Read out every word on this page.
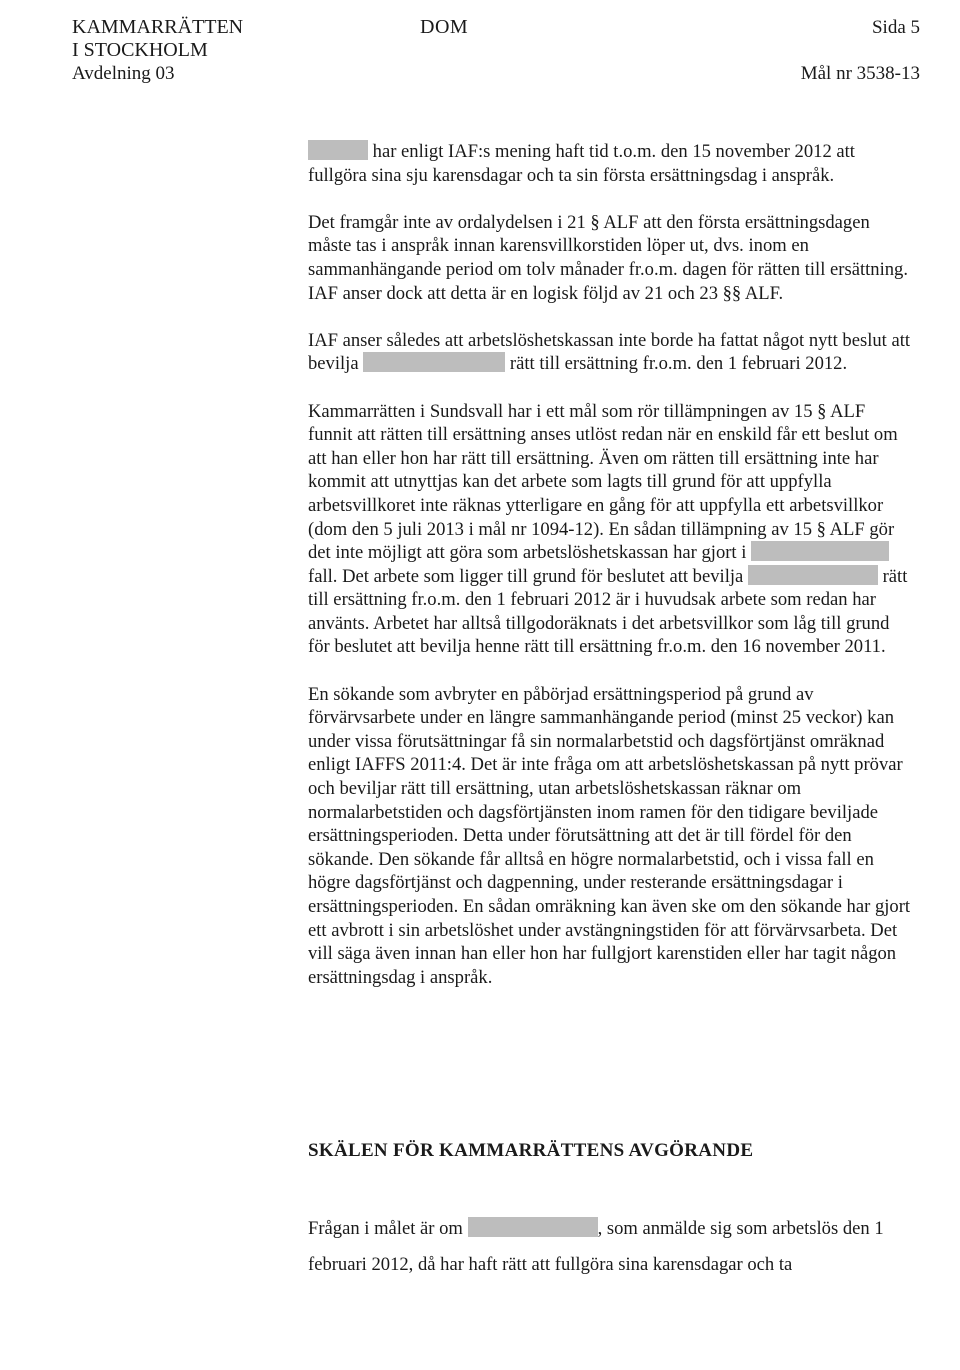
KAMMARRÄTTEN
I STOCKHOLM
Avdelning 03
DOM	Sida 5
Mål nr 3538-13

har enligt IAF:s mening haft tid t.o.m. den 15 november 2012 att fullgöra sina sju karensdagar och ta sin första ersättningsdag i anspråk.

Det framgår inte av ordalydelsen i 21 § ALF att den första ersättningsdagen måste tas i anspråk innan karensvillkorstiden löper ut, dvs. inom en sammanhängande period om tolv månader fr.o.m. dagen för rätten till ersättning. IAF anser dock att detta är en logisk följd av 21 och 23 §§ ALF.

IAF anser således att arbetslöshetskassan inte borde ha fattat något nytt beslut att bevilja	rätt till ersättning fr.o.m. den 1 februari 2012.

Kammarrätten i Sundsvall har i ett mål som rör tillämpningen av 15 § ALF funnit att rätten till ersättning anses utlöst redan när en enskild får ett beslut om att han eller hon har rätt till ersättning. Även om rätten till ersättning inte har kommit att utnyttjas kan det arbete som lagts till grund för att uppfylla arbetsvillkoret inte räknas ytterligare en gång för att uppfylla ett arbetsvillkor (dom den 5 juli 2013 i mål nr 1094-12). En sådan tillämpning av 15 § ALF gör det inte möjligt att göra som arbetslöshetskassan har gjort i  fall. Det arbete som ligger till grund för beslutet att bevilja	rätt till ersättning fr.o.m. den 1 februari 2012 är i huvudsak arbete som redan har använts. Arbetet har alltså tillgodoräknats i det arbetsvillkor som låg till grund för beslutet att bevilja henne rätt till ersättning fr.o.m. den 16 november 2011.

En sökande som avbryter en påbörjad ersättningsperiod på grund av förvärvsarbete under en längre sammanhängande period (minst 25 veckor) kan under vissa förutsättningar få sin normalarbetstid och dagsförtjänst omräknad enligt IAFFS 2011:4. Det är inte fråga om att arbetslöshetskassan på nytt prövar och beviljar rätt till ersättning, utan arbetslöshetskassan räknar om normalarbetstiden och dagsförtjänsten inom ramen för den tidigare beviljade ersättningsperioden. Detta under förutsättning att det är till fördel för den sökande. Den sökande får alltså en högre normalarbetstid, och i vissa fall en högre dagsförtjänst och dagpenning, under resterande ersättningsdagar i ersättningsperioden. En sådan omräkning kan även ske om den sökande har gjort ett avbrott i sin arbetslöshet under avstängningstiden för att förvärvsarbeta. Det vill säga även innan han eller hon har fullgjort karenstiden eller har tagit någon ersättningsdag i anspråk.

SKÄLEN FÖR KAMMARRÄTTENS AVGÖRANDE
Frågan i målet är om	, som anmälde sig som arbetslös den 1 februari 2012, då har haft rätt att fullgöra sina karensdagar och ta
